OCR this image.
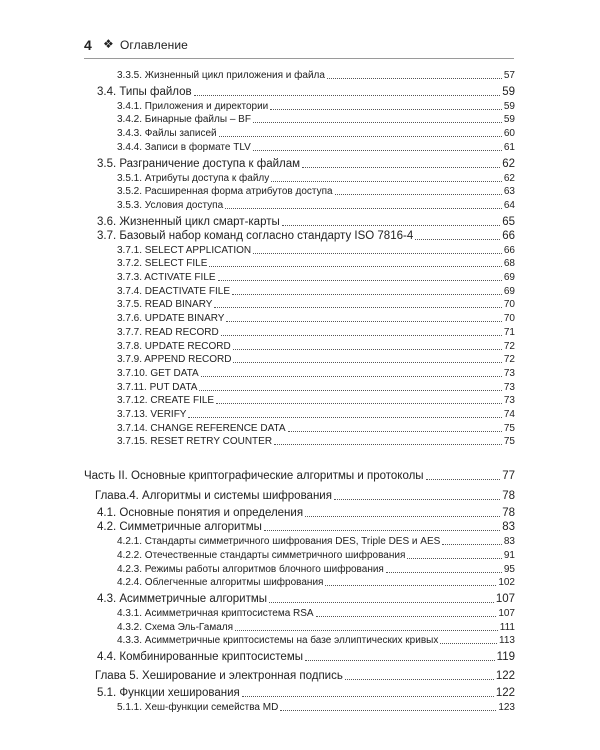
4 ❖ Оглавление
3.3.5. Жизненный цикл приложения и файла	57
3.4. Типы файлов	59
3.4.1. Приложения и директории	59
3.4.2. Бинарные файлы – BF	59
3.4.3. Файлы записей	60
3.4.4. Записи в формате TLV	61
3.5. Разграничение доступа к файлам	62
3.5.1. Атрибуты доступа к файлу	62
3.5.2. Расширенная форма атрибутов доступа	63
3.5.3. Условия доступа	64
3.6. Жизненный цикл смарт-карты	65
3.7. Базовый набор команд согласно стандарту ISO 7816-4	66
3.7.1. SELECT APPLICATION	66
3.7.2. SELECT FILE	68
3.7.3. ACTIVATE FILE	69
3.7.4. DEACTIVATE FILE	69
3.7.5. READ BINARY	70
3.7.6. UPDATE BINARY	70
3.7.7. READ RECORD	71
3.7.8. UPDATE RECORD	72
3.7.9. APPEND RECORD	72
3.7.10. GET DATA	73
3.7.11. PUT DATA	73
3.7.12. CREATE FILE	73
3.7.13. VERIFY	74
3.7.14. CHANGE REFERENCE DATA	75
3.7.15. RESET RETRY COUNTER	75
Часть II. Основные криптографические алгоритмы и протоколы	77
Глава.4. Алгоритмы и системы шифрования	78
4.1. Основные понятия и определения	78
4.2. Симметричные алгоритмы	83
4.2.1. Стандарты симметричного шифрования DES, Triple DES и AES	83
4.2.2. Отечественные стандарты симметричного шифрования	91
4.2.3. Режимы работы алгоритмов блочного шифрования	95
4.2.4. Облегченные алгоритмы шифрования	102
4.3. Асимметричные алгоритмы	107
4.3.1. Асимметричная криптосистема RSA	107
4.3.2. Схема Эль-Гамаля	111
4.3.3. Асимметричные криптосистемы на базе эллиптических кривых	113
4.4. Комбинированные криптосистемы	119
Глава 5. Хеширование и электронная подпись	122
5.1. Функции хеширования	122
5.1.1. Хеш-функции семейства MD	123
